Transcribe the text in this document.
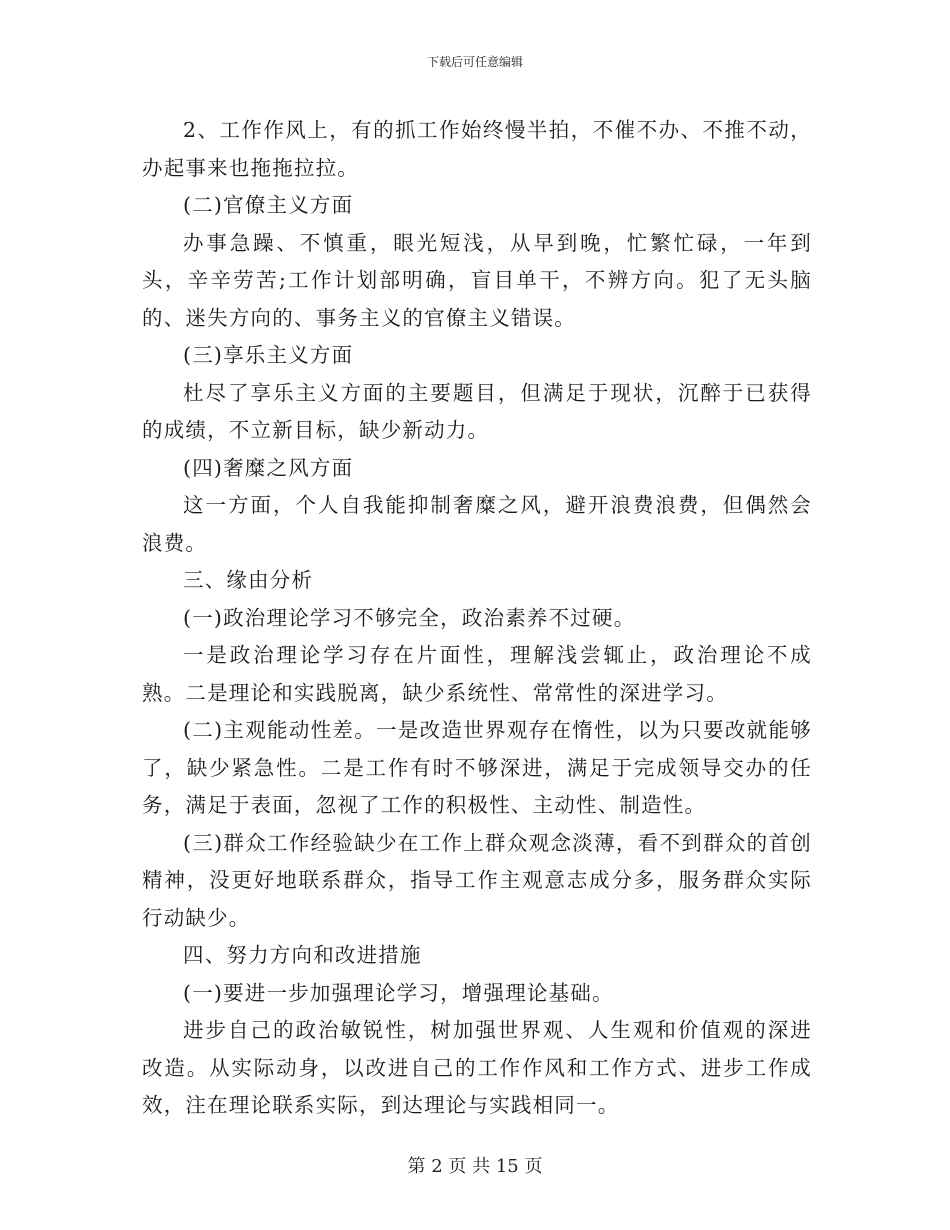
下载后可任意编辑

2、工作作风上，有的抓工作始终慢半拍，不催不办、不推不动，办起事来也拖拖拉拉。

(二)官僚主义方面

办事急躁、不慎重，眼光短浅，从早到晚，忙繁忙碌，一年到头，辛辛劳苦;工作计划部明确，盲目单干，不辨方向。犯了无头脑的、迷失方向的、事务主义的官僚主义错误。

(三)享乐主义方面

杜尽了享乐主义方面的主要题目，但满足于现状，沉醉于已获得的成绩，不立新目标，缺少新动力。

(四)奢糜之风方面

这一方面，个人自我能抑制奢糜之风，避开浪费浪费，但偶然会浪费。

三、缘由分析

(一)政治理论学习不够完全，政治素养不过硬。

一是政治理论学习存在片面性，理解浅尝辄止，政治理论不成熟。二是理论和实践脱离，缺少系统性、常常性的深进学习。

(二)主观能动性差。一是改造世界观存在惰性，以为只要改就能够了，缺少紧急性。二是工作有时不够深进，满足于完成领导交办的任务，满足于表面，忽视了工作的积极性、主动性、制造性。

(三)群众工作经验缺少在工作上群众观念淡薄，看不到群众的首创精神，没更好地联系群众，指导工作主观意志成分多，服务群众实际行动缺少。

四、努力方向和改进措施

(一)要进一步加强理论学习，增强理论基础。

进步自己的政治敏锐性，树加强世界观、人生观和价值观的深进改造。从实际动身，以改进自己的工作作风和工作方式、进步工作成效，注在理论联系实际，到达理论与实践相同一。

第 2 页 共 15 页
